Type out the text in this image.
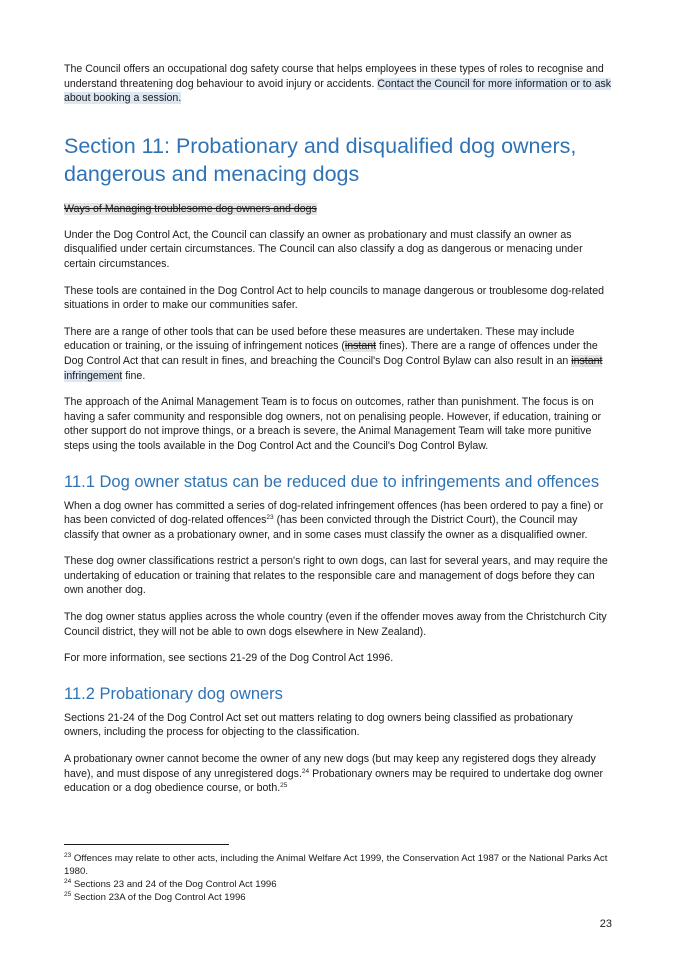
The Council offers an occupational dog safety course that helps employees in these types of roles to recognise and understand threatening dog behaviour to avoid injury or accidents. Contact the Council for more information or to ask about booking a session.

Section 11: Probationary and disqualified dog owners, dangerous and menacing dogs

Ways of Managing troublesome dog owners and dogs

Under the Dog Control Act, the Council can classify an owner as probationary and must classify an owner as disqualified under certain circumstances. The Council can also classify a dog as dangerous or menacing under certain circumstances.

These tools are contained in the Dog Control Act to help councils to manage dangerous or troublesome dog-related situations in order to make our communities safer.

There are a range of other tools that can be used before these measures are undertaken. These may include education or training, or the issuing of infringement notices (instant fines). There are a range of offences under the Dog Control Act that can result in fines, and breaching the Council's Dog Control Bylaw can also result in an instant infringement fine.

The approach of the Animal Management Team is to focus on outcomes, rather than punishment. The focus is on having a safer community and responsible dog owners, not on penalising people. However, if education, training or other support do not improve things, or a breach is severe, the Animal Management Team will take more punitive steps using the tools available in the Dog Control Act and the Council's Dog Control Bylaw.

11.1 Dog owner status can be reduced due to infringements and offences

When a dog owner has committed a series of dog-related infringement offences (has been ordered to pay a fine) or has been convicted of dog-related offences$^{23}$ (has been convicted through the District Court), the Council may classify that owner as a probationary owner, and in some cases must classify the owner as a disqualified owner.

These dog owner classifications restrict a person's right to own dogs, can last for several years, and may require the undertaking of education or training that relates to the responsible care and management of dogs before they can own another dog.

The dog owner status applies across the whole country (even if the offender moves away from the Christchurch City Council district, they will not be able to own dogs elsewhere in New Zealand).

For more information, see sections 21-29 of the Dog Control Act 1996.

11.2 Probationary dog owners

Sections 21-24 of the Dog Control Act set out matters relating to dog owners being classified as probationary owners, including the process for objecting to the classification.

A probationary owner cannot become the owner of any new dogs (but may keep any registered dogs they already have), and must dispose of any unregistered dogs.$^{24}$ Probationary owners may be required to undertake dog owner education or a dog obedience course, or both.$^{25}$

$^{23}$ Offences may relate to other acts, including the Animal Welfare Act 1999, the Conservation Act 1987 or the National Parks Act 1980.

$^{24}$ Sections 23 and 24 of the Dog Control Act 1996

$^{25}$ Section 23A of the Dog Control Act 1996

23
